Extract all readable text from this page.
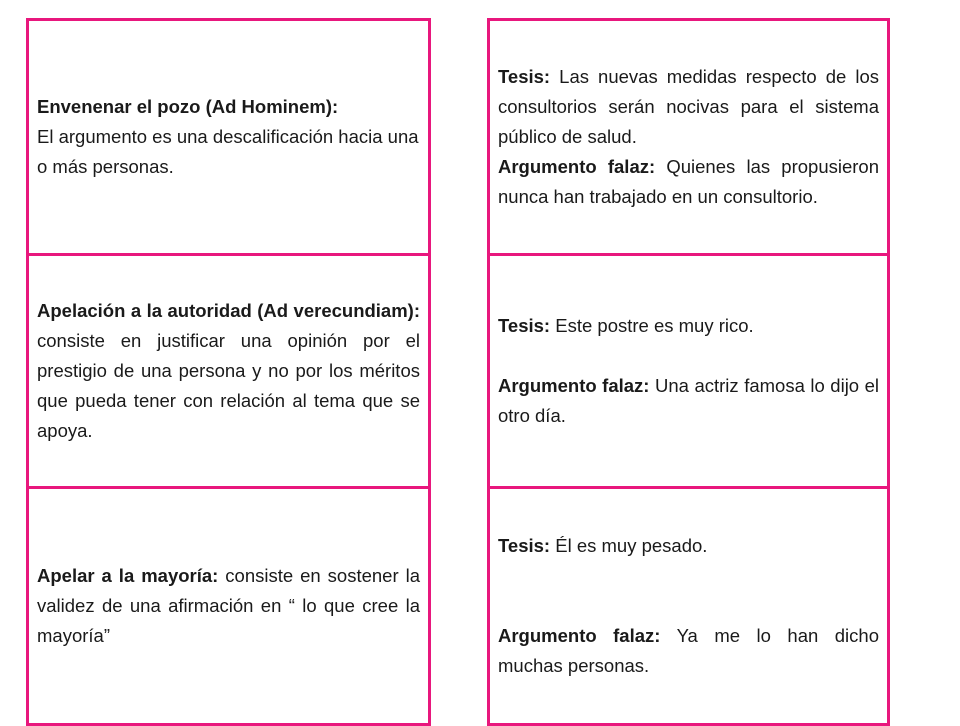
Envenenar el pozo (Ad Hominem):

El argumento es una descalificación hacia una o más personas.

Apelación a la autoridad (Ad verecundiam): consiste en justificar una opinión por el prestigio de una persona y no por los méritos que pueda tener con relación al tema que se apoya.

Apelar a la mayoría: consiste en sostener la validez de una afirmación en “ lo que cree la mayoría”

Tesis: Las nuevas medidas respecto de los consultorios serán nocivas para el sistema público de salud.

Argumento falaz: Quienes las propusieron nunca han trabajado en un consultorio.

Tesis: Este postre es muy rico.

Argumento falaz: Una actriz famosa lo dijo el otro día.

Tesis: Él es muy pesado.

Argumento falaz: Ya me lo han dicho muchas personas.
